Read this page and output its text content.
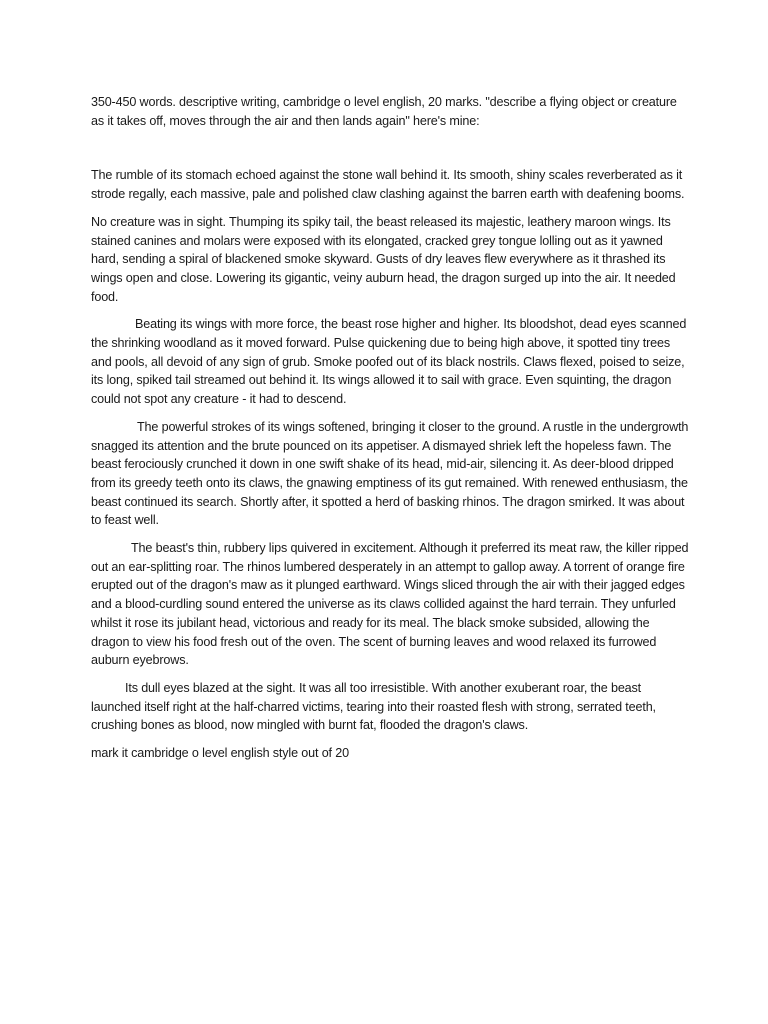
350-450 words. descriptive writing, cambridge o level english, 20 marks. "describe a flying object or creature as it takes off, moves through the air and then lands again" here's mine:

The rumble of its stomach echoed against the stone wall behind it. Its smooth, shiny scales reverberated as it strode regally, each massive, pale and polished claw clashing against the barren earth with deafening booms.

No creature was in sight. Thumping its spiky tail, the beast released its majestic, leathery maroon wings. Its stained canines and molars were exposed with its elongated, cracked grey tongue lolling out as it yawned hard, sending a spiral of blackened smoke skyward. Gusts of dry leaves flew everywhere as it thrashed its wings open and close. Lowering its gigantic, veiny auburn head, the dragon surged up into the air. It needed food.

Beating its wings with more force, the beast rose higher and higher. Its bloodshot, dead eyes scanned the shrinking woodland as it moved forward. Pulse quickening due to being high above, it spotted tiny trees and pools, all devoid of any sign of grub. Smoke poofed out of its black nostrils. Claws flexed, poised to seize, its long, spiked tail streamed out behind it. Its wings allowed it to sail with grace. Even squinting, the dragon could not spot any creature - it had to descend.

The powerful strokes of its wings softened, bringing it closer to the ground. A rustle in the undergrowth snagged its attention and the brute pounced on its appetiser. A dismayed shriek left the hopeless fawn. The beast ferociously crunched it down in one swift shake of its head, mid-air, silencing it. As deer-blood dripped from its greedy teeth onto its claws, the gnawing emptiness of its gut remained. With renewed enthusiasm, the beast continued its search. Shortly after, it spotted a herd of basking rhinos. The dragon smirked. It was about to feast well.

The beast's thin, rubbery lips quivered in excitement. Although it preferred its meat raw, the killer ripped out an ear-splitting roar. The rhinos lumbered desperately in an attempt to gallop away. A torrent of orange fire erupted out of the dragon's maw as it plunged earthward. Wings sliced through the air with their jagged edges and a blood-curdling sound entered the universe as its claws collided against the hard terrain. They unfurled whilst it rose its jubilant head, victorious and ready for its meal. The black smoke subsided, allowing the dragon to view his food fresh out of the oven. The scent of burning leaves and wood relaxed its furrowed auburn eyebrows.

Its dull eyes blazed at the sight. It was all too irresistible. With another exuberant roar, the beast launched itself right at the half-charred victims, tearing into their roasted flesh with strong, serrated teeth, crushing bones as blood, now mingled with burnt fat, flooded the dragon's claws.

mark it cambridge o level english style out of 20
